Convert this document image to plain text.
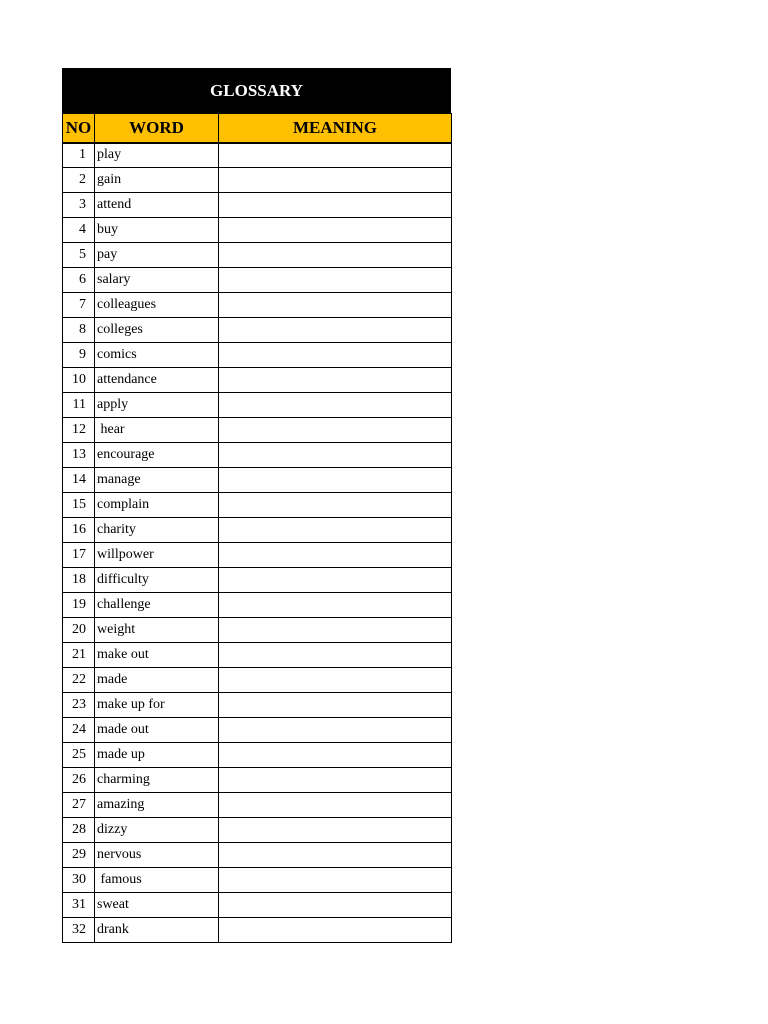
GLOSSARY
NO	WORD	MEANING
1	play	
2	gain	
3	attend	
4	buy	
5	pay	
6	salary	
7	colleagues	
8	colleges	
9	comics	
10	attendance	
11	apply	
12	hear	
13	encourage	
14	manage	
15	complain	
16	charity	
17	willpower	
18	difficulty	
19	challenge	
20	weight	
21	make out	
22	made	
23	make up for	
24	made out	
25	made up	
26	charming	
27	amazing	
28	dizzy	
29	nervous	
30	famous	
31	sweat	
32	drank	
